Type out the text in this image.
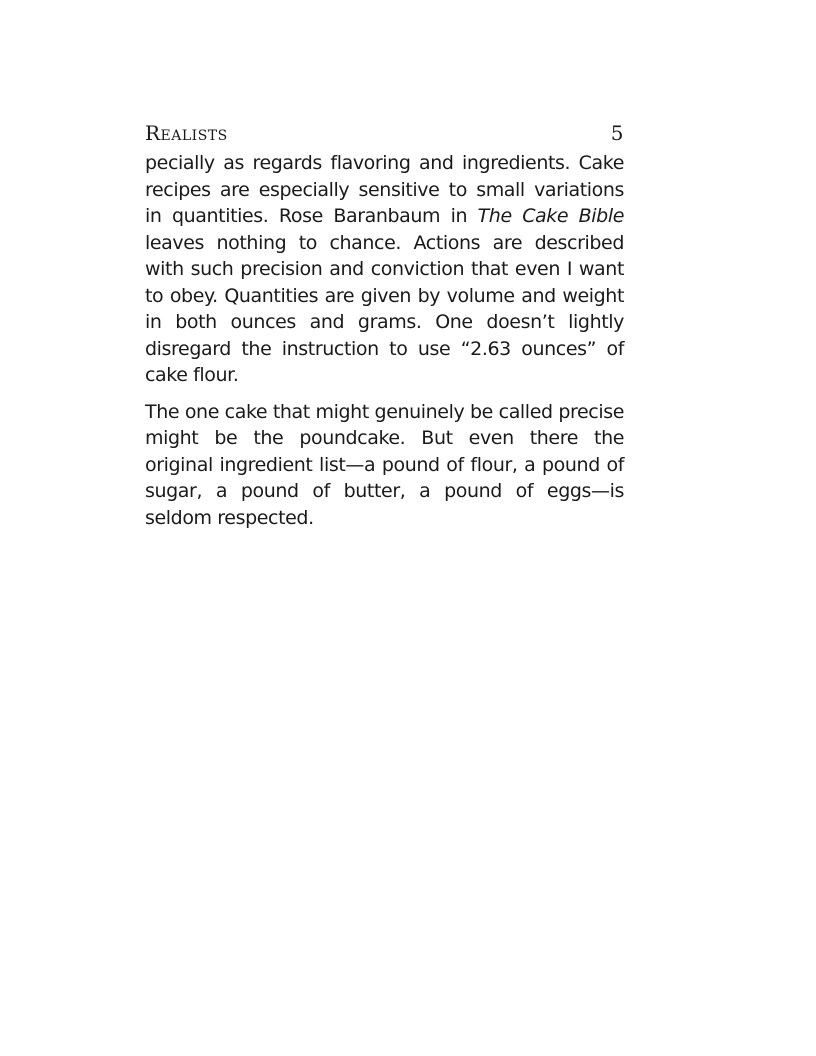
Realists	5

pecially as regards flavoring and ingredients. Cake recipes are especially sensitive to small variations in quantities. Rose Baranbaum in The Cake Bible leaves nothing to chance. Actions are described with such precision and conviction that even I want to obey. Quantities are given by volume and weight in both ounces and grams. One doesn’t lightly disregard the instruction to use “2.63 ounces” of cake flour.

The one cake that might genuinely be called precise might be the poundcake. But even there the original ingredient list—a pound of flour, a pound of sugar, a pound of butter, a pound of eggs—is seldom respected.
